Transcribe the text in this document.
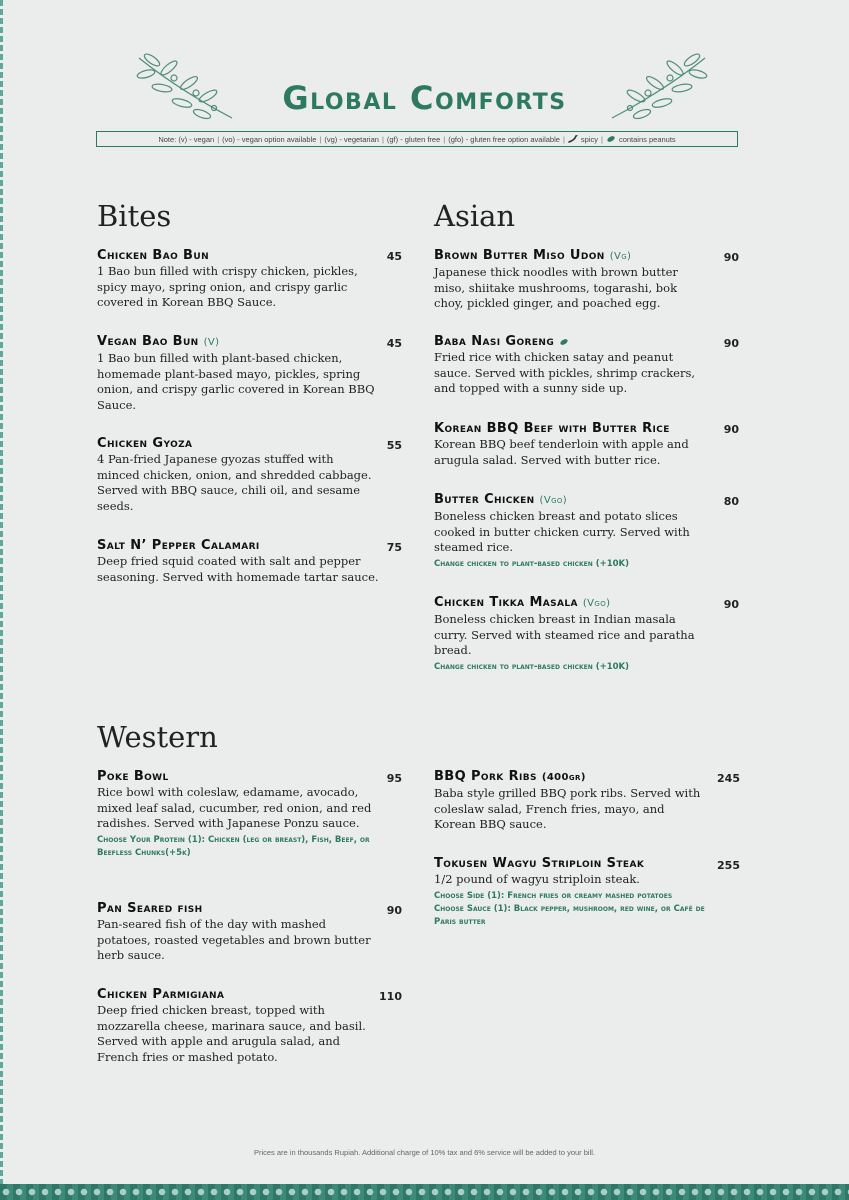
Global Comforts
Note: (v) - vegan | (vo) - vegan option available | (vg) - vegetarian | (gf) - gluten free | (gfo) - gluten free option available | spicy | contains peanuts
Bites	Asian
Western
Chicken Bao Bun

1 Bao bun filled with crispy chicken, pickles, spicy mayo, spring onion, and crispy garlic covered in Korean BBQ Sauce.

45
Vegan Bao Bun (V)

1 Bao bun filled with plant-based chicken, homemade plant-based mayo, pickles, spring onion, and crispy garlic covered in Korean BBQ Sauce.

45
Chicken Gyoza

4 Pan-fried Japanese gyozas stuffed with minced chicken, onion, and shredded cabbage. Served with BBQ sauce, chili oil, and sesame seeds.

55
Salt N’ Pepper Calamari

Deep fried squid coated with salt and pepper seasoning. Served with homemade tartar sauce.

75
Brown Butter Miso Udon (Vg)

Japanese thick noodles with brown butter miso, shiitake mushrooms, togarashi, bok choy, pickled ginger, and poached egg.

90
Baba Nasi Goreng

Fried rice with chicken satay and peanut sauce. Served with pickles, shrimp crackers, and topped with a sunny side up.

90
Korean BBQ Beef with Butter Rice

Korean BBQ beef tenderloin with apple and arugula salad. Served with butter rice.

90
Butter Chicken (Vgo)

Boneless chicken breast and potato slices cooked in butter chicken curry. Served with steamed rice.

Change chicken to plant-based chicken (+10K)

80
Chicken Tikka Masala (Vgo)

Boneless chicken breast in Indian masala curry. Served with steamed rice and paratha bread.

Change chicken to plant-based chicken (+10K)

90
Poke Bowl

Rice bowl with coleslaw, edamame, avocado, mixed leaf salad, cucumber, red onion, and red radishes. Served with Japanese Ponzu sauce.

Choose Your Protein (1): Chicken (leg or breast), Fish, Beef, or Beefless Chunks(+5k)

95
Pan Seared fish

Pan-seared fish of the day with mashed potatoes, roasted vegetables and brown butter herb sauce.

90
Chicken Parmigiana

Deep fried chicken breast, topped with mozzarella cheese, marinara sauce, and basil. Served with apple and arugula salad, and French fries or mashed potato.

110
BBQ Pork Ribs (400gr)

Baba style grilled BBQ pork ribs. Served with coleslaw salad, French fries, mayo, and Korean BBQ sauce.

245
Tokusen Wagyu Striploin Steak

1/2 pound of wagyu striploin steak.

Choose Side (1): French fries or creamy mashed potatoes

Choose Sauce (1): Black pepper, mushroom, red wine, or Café de Paris butter

255
Prices are in thousands Rupiah. Additional charge of 10% tax and 6% service will be added to your bill.
